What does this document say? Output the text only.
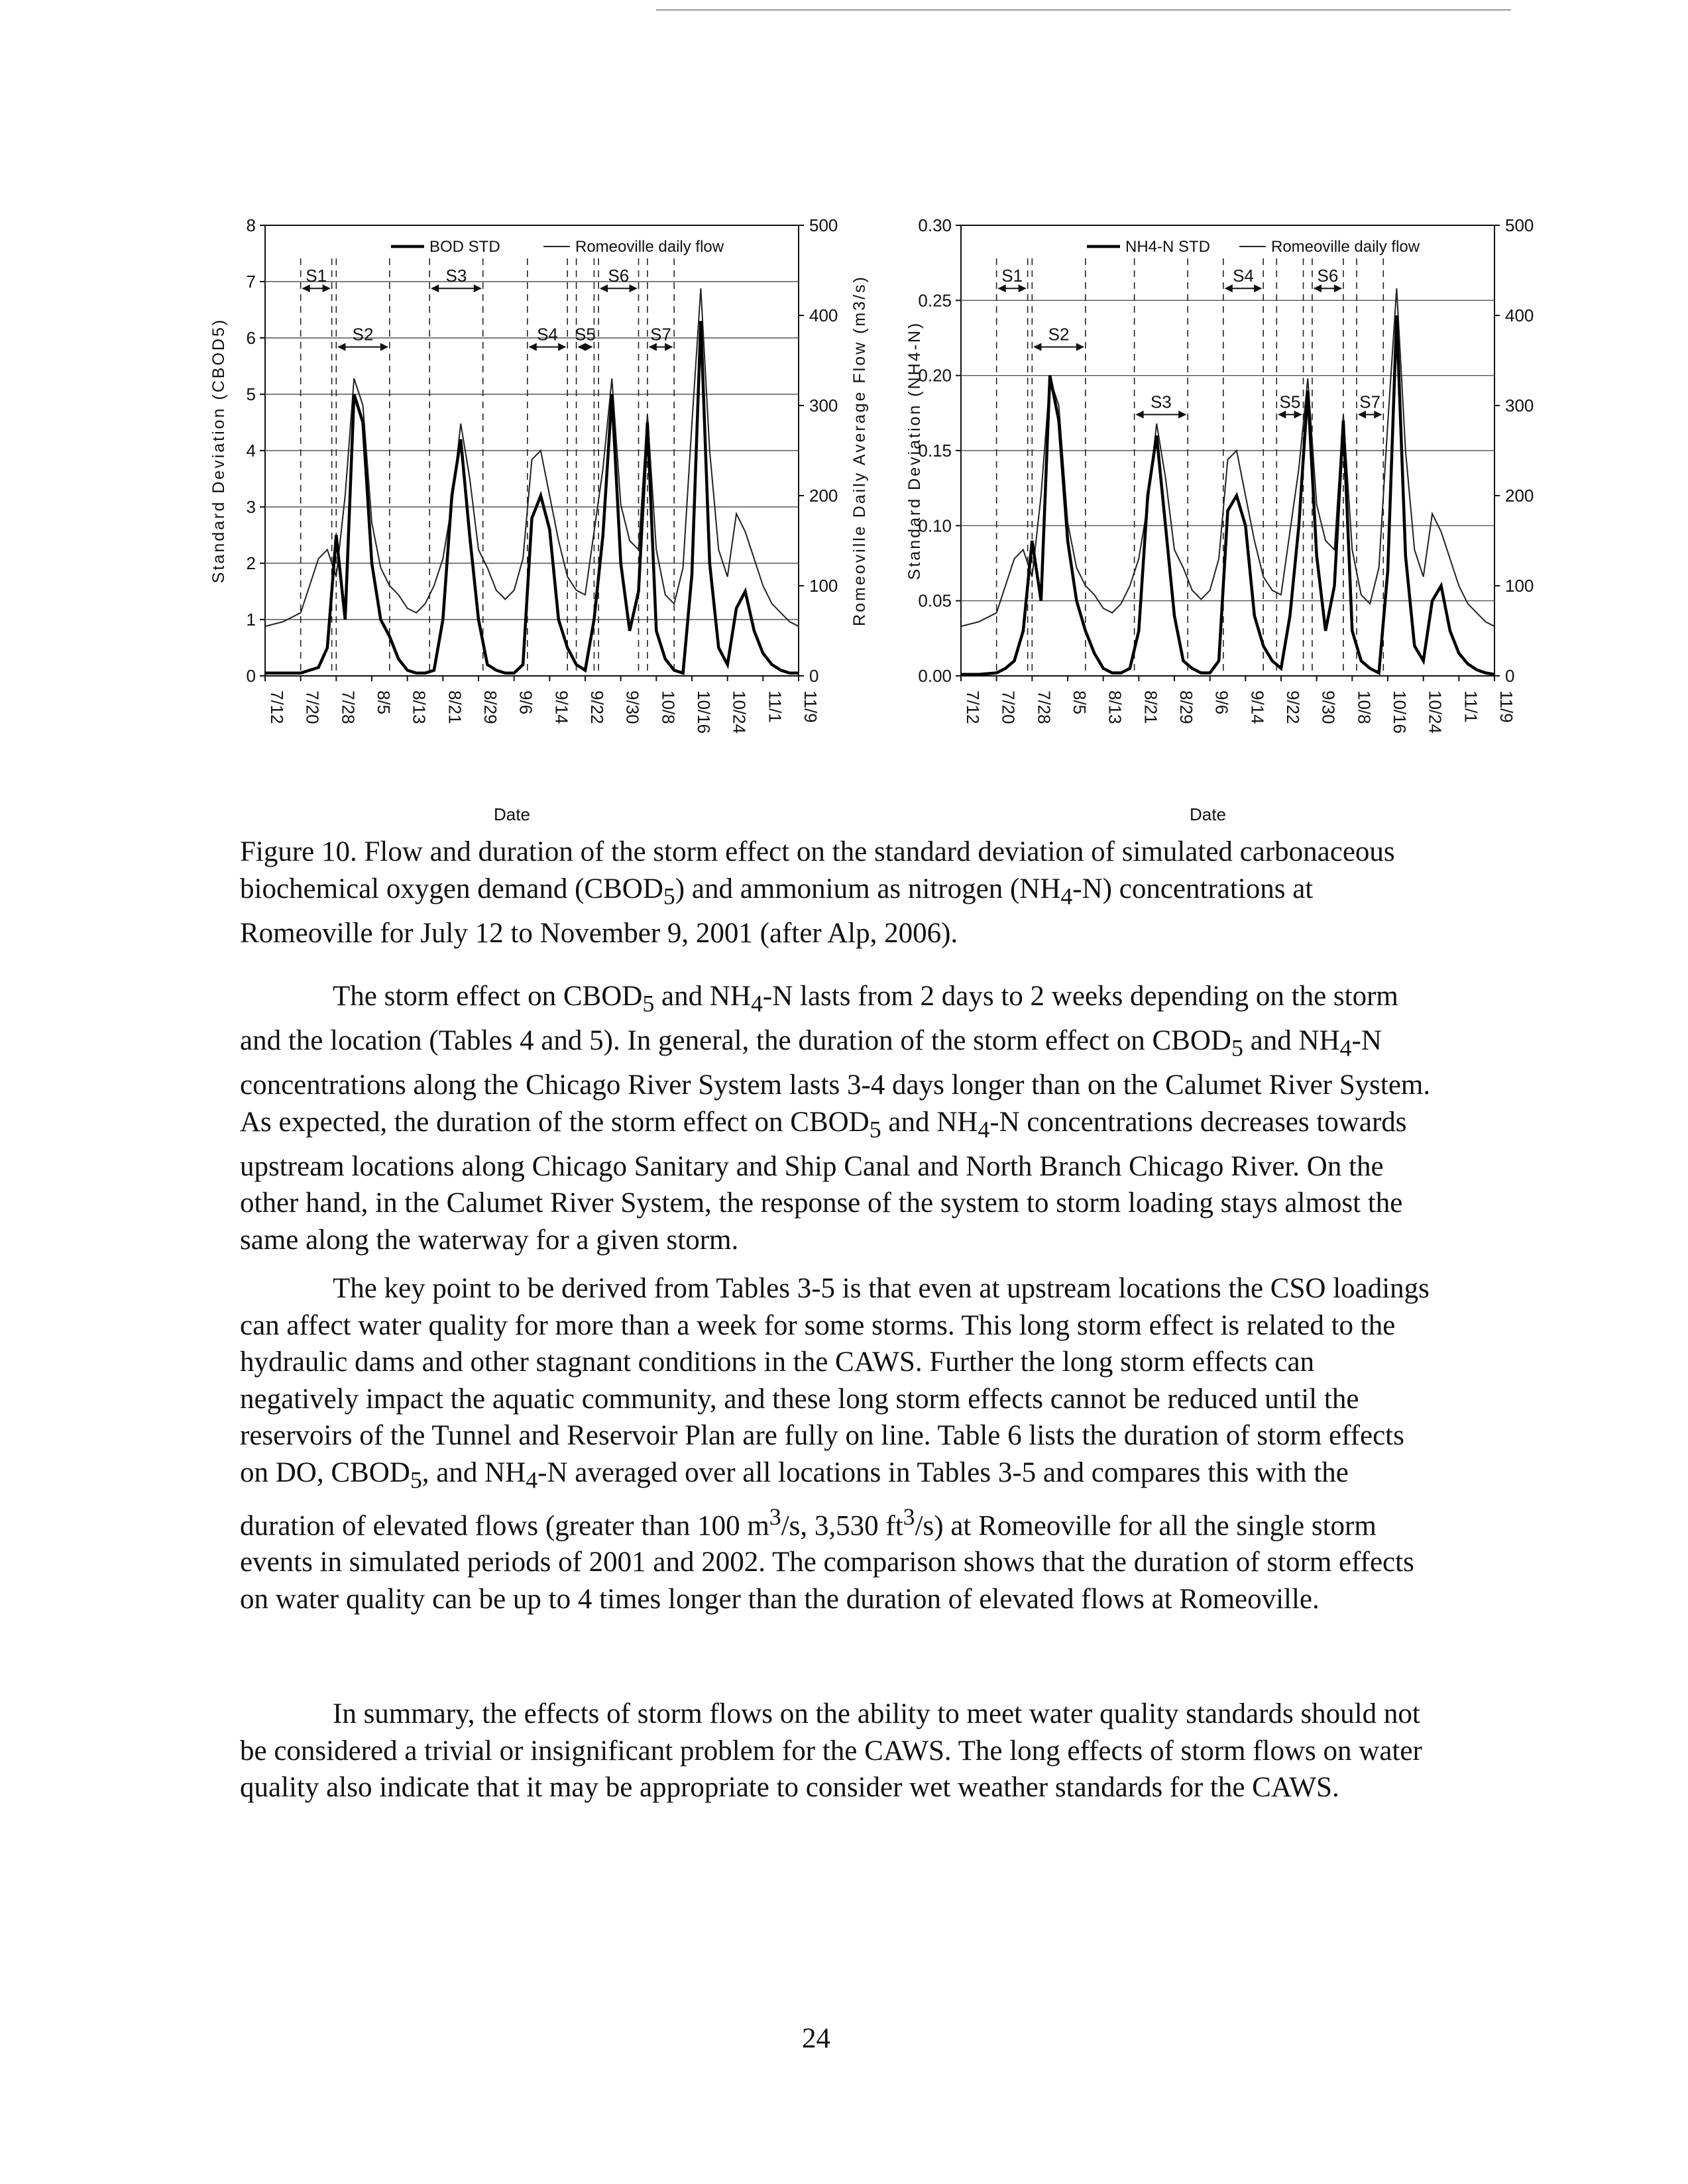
0
1
2
3
4
5
6
7
8
0
100
200
300
400
500
7/12 7/20 7/28 8/5 8/13 8/21 8/29 9/6 9/14 9/22 9/30 10/8 10/16 10/24 11/1 11/9
Standard Deviation (CBOD5)	Romeoville Daily Average Flow (m3/s)
Date
S1
S2
S3
S4 S5
S6
S7
BOD STD	Romeoville daily flow
0.00
0.05
0.10
0.15
0.20
0.25
0.30
0
100
200
300
400
500
7/12 7/20 7/28 8/5 8/13 8/21 8/29 9/6 9/14 9/22 9/30 10/8 10/16 10/24 11/1 11/9
Standard Deviation (NH4-N)
Date
S1
S2
S3
S4
S5
S6
S7
NH4-N STD	Romeoville daily flow

Figure 10. Flow and duration of the storm effect on the standard deviation of simulated carbonaceous biochemical oxygen demand $(CBOD_5)$ and ammonium as nitrogen $(NH_4-N)$ concentrations at Romeoville for July 12 to November 9, 2001 (after Alp, 2006).

The storm effect on $CBOD_5$ and $NH_4-N$ lasts from 2 days to 2 weeks depending on the storm and the location (Tables 4 and 5). In general, the duration of the storm effect on $CBOD_5$ and $NH_4-N$ concentrations along the Chicago River System lasts 3-4 days longer than on the Calumet River System. As expected, the duration of the storm effect on $CBOD_5$ and $NH_4-N$ concentrations decreases towards upstream locations along Chicago Sanitary and Ship Canal and North Branch Chicago River. On the other hand, in the Calumet River System, the response of the system to storm loading stays almost the same along the waterway for a given storm.

The key point to be derived from Tables 3-5 is that even at upstream locations the CSO loadings can affect water quality for more than a week for some storms. This long storm effect is related to the hydraulic dams and other stagnant conditions in the CAWS. Further the long storm effects can negatively impact the aquatic community, and these long storm effects cannot be reduced until the reservoirs of the Tunnel and Reservoir Plan are fully on line. Table 6 lists the duration of storm effects on DO, $CBOD_5$, and $NH_4-N$ averaged over all locations in Tables 3-5 and compares this with the duration of elevated flows (greater than 100 $m^3/s$, 3,530 $ft^3/s$) at Romeoville for all the single storm events in simulated periods of 2001 and 2002. The comparison shows that the duration of storm effects on water quality can be up to 4 times longer than the duration of elevated flows at Romeoville.

In summary, the effects of storm flows on the ability to meet water quality standards should not be considered a trivial or insignificant problem for the CAWS. The long effects of storm flows on water quality also indicate that it may be appropriate to consider wet weather standards for the CAWS.

24
